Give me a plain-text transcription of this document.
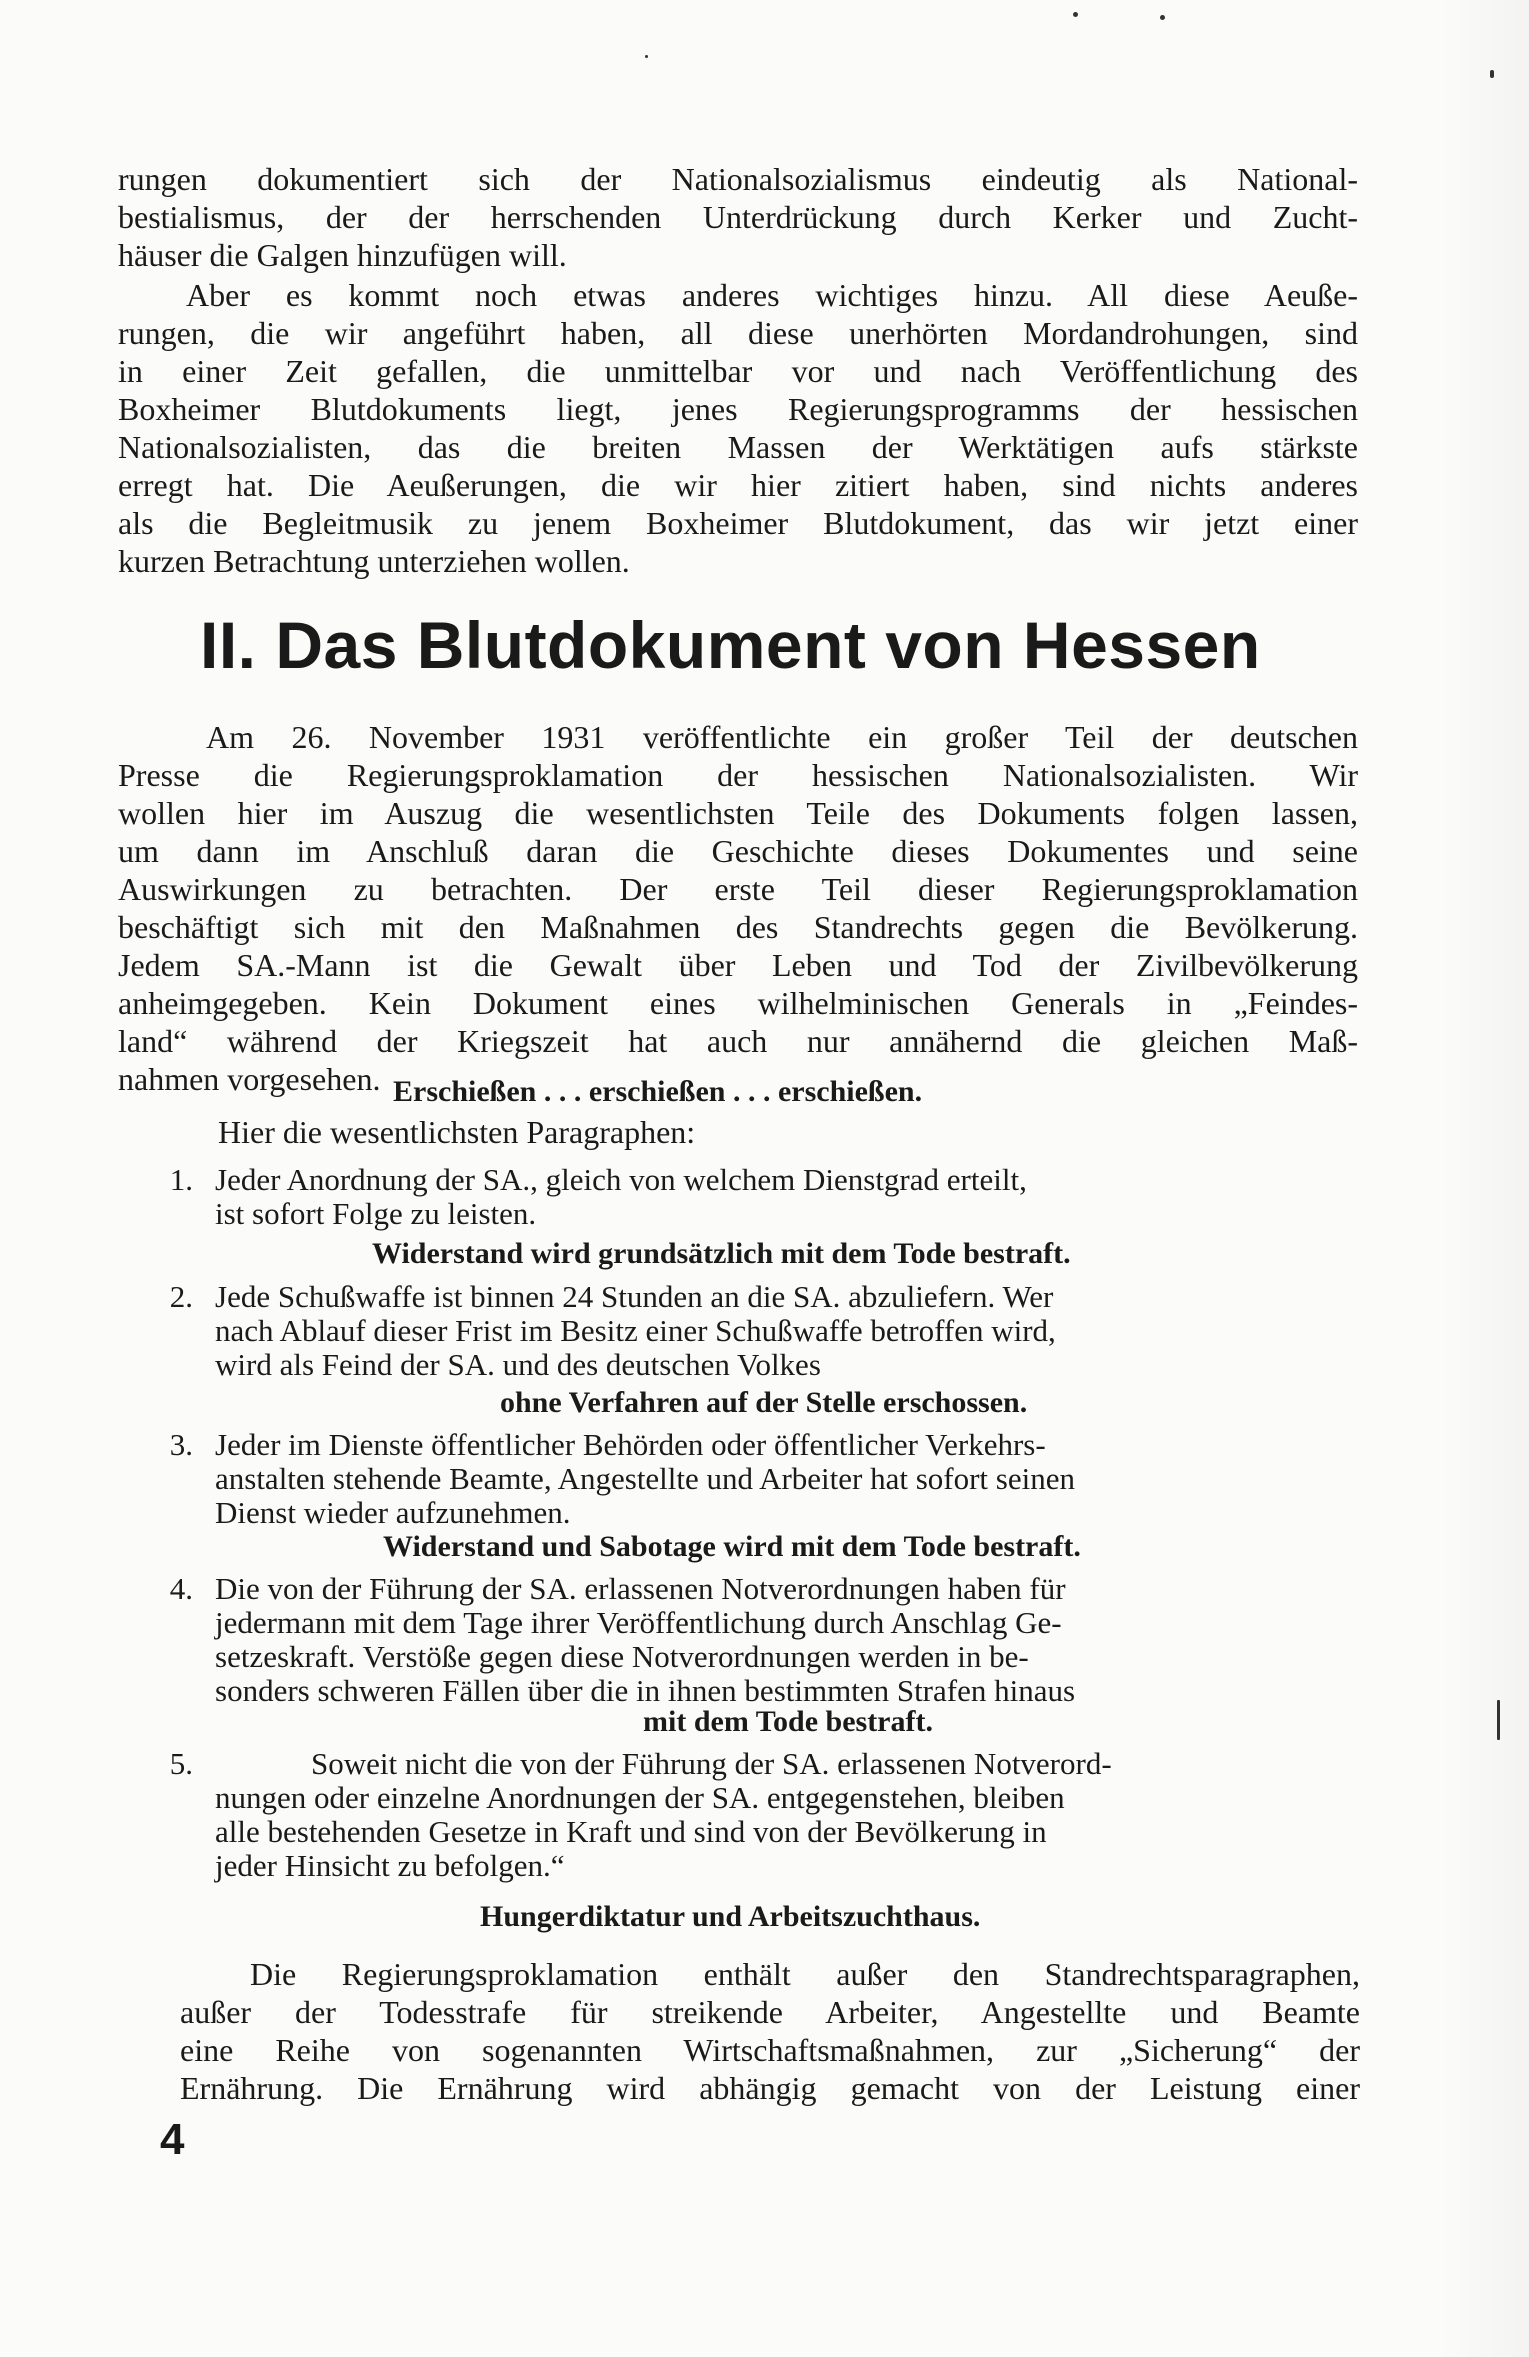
rungen dokumentiert sich der Nationalsozialismus eindeutig als National-
bestialismus, der der herrschenden Unterdrückung durch Kerker und Zucht-
häuser die Galgen hinzufügen will.

Aber es kommt noch etwas anderes wichtiges hinzu. All diese Aeuße-
rungen, die wir angeführt haben, all diese unerhörten Mordandrohungen, sind
in einer Zeit gefallen, die unmittelbar vor und nach Veröffentlichung des
Boxheimer Blutdokuments liegt, jenes Regierungsprogramms der hessischen
Nationalsozialisten, das die breiten Massen der Werktätigen aufs stärkste
erregt hat. Die Aeußerungen, die wir hier zitiert haben, sind nichts anderes
als die Begleitmusik zu jenem Boxheimer Blutdokument, das wir jetzt einer
kurzen Betrachtung unterziehen wollen.

II. Das Blutdokument von Hessen

Am 26. November 1931 veröffentlichte ein großer Teil der deutschen
Presse die Regierungsproklamation der hessischen Nationalsozialisten. Wir
wollen hier im Auszug die wesentlichsten Teile des Dokuments folgen lassen,
um dann im Anschluß daran die Geschichte dieses Dokumentes und seine
Auswirkungen zu betrachten. Der erste Teil dieser Regierungsproklamation
beschäftigt sich mit den Maßnahmen des Standrechts gegen die Bevölkerung.
Jedem SA.-Mann ist die Gewalt über Leben und Tod der Zivilbevölkerung
anheimgegeben. Kein Dokument eines wilhelminischen Generals in „Feindes-
land“ während der Kriegszeit hat auch nur annähernd die gleichen Maß-
nahmen vorgesehen. Erschießen . . . erschießen . . . erschießen.
Hier die wesentlichsten Paragraphen:
1. Jeder Anordnung der SA., gleich von welchem Dienstgrad erteilt,
ist sofort Folge zu leisten.
Widerstand wird grundsätzlich mit dem Tode bestraft.
2. Jede Schußwaffe ist binnen 24 Stunden an die SA. abzuliefern. Wer
nach Ablauf dieser Frist im Besitz einer Schußwaffe betroffen wird,
wird als Feind der SA. und des deutschen Volkes
ohne Verfahren auf der Stelle erschossen.
3. Jeder im Dienste öffentlicher Behörden oder öffentlicher Verkehrs-
anstalten stehende Beamte, Angestellte und Arbeiter hat sofort seinen
Dienst wieder aufzunehmen.
Widerstand und Sabotage wird mit dem Tode bestraft.
4. Die von der Führung der SA. erlassenen Notverordnungen haben für
jedermann mit dem Tage ihrer Veröffentlichung durch Anschlag Ge-
setzeskraft. Verstöße gegen diese Notverordnungen werden in be-
sonders schweren Fällen über die in ihnen bestimmten Strafen hinaus
mit dem Tode bestraft.
5.	Soweit nicht die von der Führung der SA. erlassenen Notverord-
nungen oder einzelne Anordnungen der SA. entgegenstehen, bleiben
alle bestehenden Gesetze in Kraft und sind von der Bevölkerung in
jeder Hinsicht zu befolgen.“
Hungerdiktatur und Arbeitszuchthaus.

Die Regierungsproklamation enthält außer den Standrechtsparagraphen,
außer der Todesstrafe für streikende Arbeiter, Angestellte und Beamte
eine Reihe von sogenannten Wirtschaftsmaßnahmen, zur „Sicherung“ der
Ernährung. Die Ernährung wird abhängig gemacht von der Leistung einer

4
